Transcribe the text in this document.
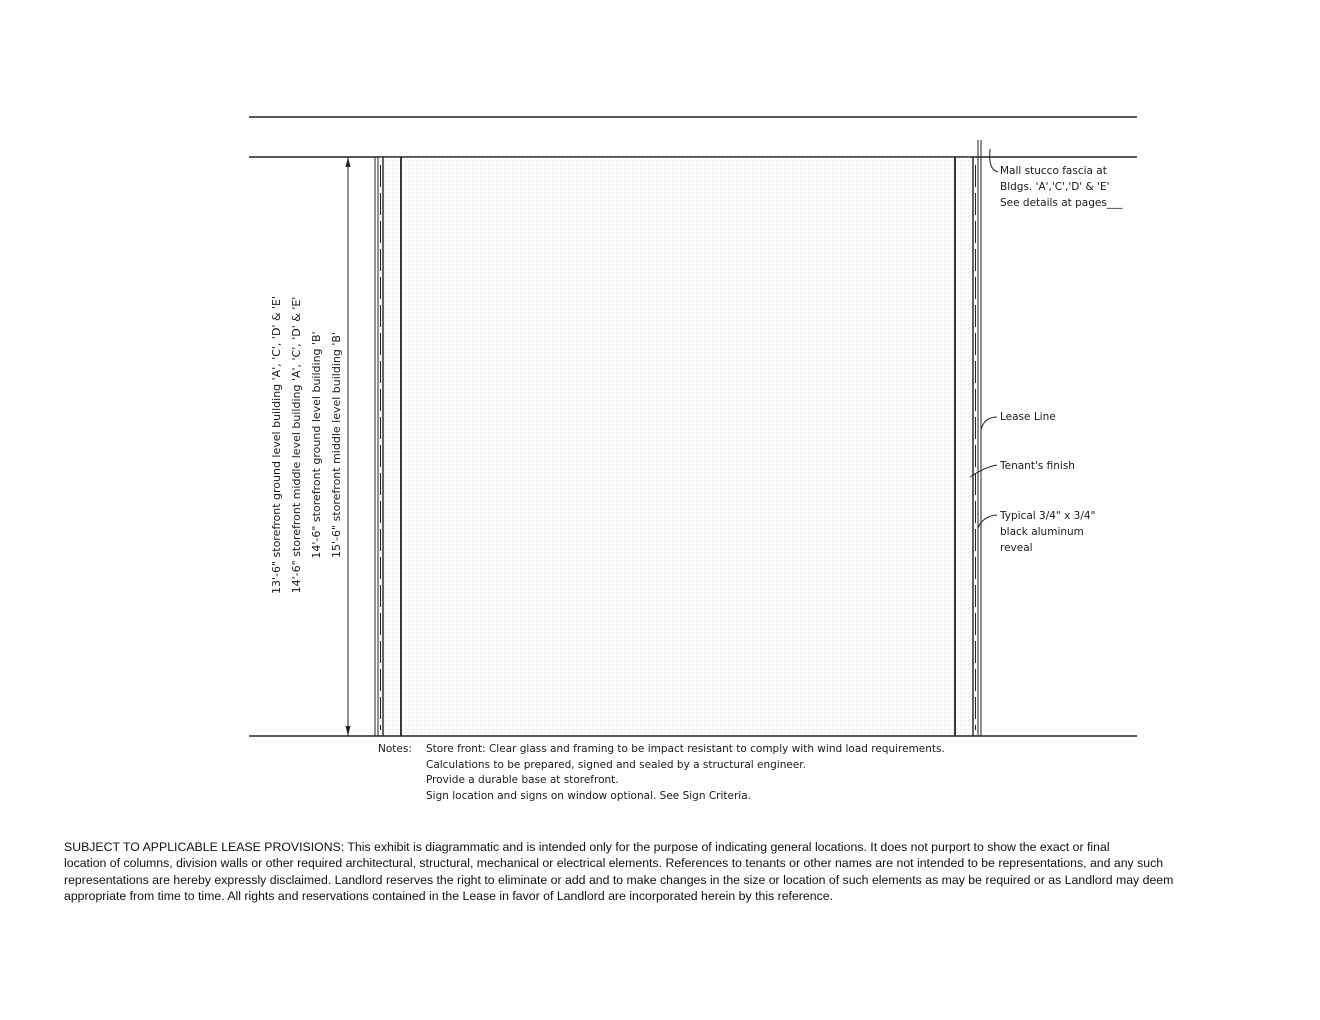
13'-6" storefront ground level building 'A', 'C', 'D' & 'E' 14'-6" storefront middle level building 'A', 'C', 'D' & 'E' 14'-6" storefront ground level building 'B' 15'-6" storefront middle level building 'B'
Mall stucco fascia at
Bldgs. 'A','C','D' & 'E'
See details at pages___
Lease Line
Tenant's finish
Typical 3/4" x 3/4"
black aluminum
reveal
Notes: Store front: Clear glass and framing to be impact resistant to comply with wind load requirements.
Calculations to be prepared, signed and sealed by a structural engineer.
Provide a durable base at storefront.
Sign location and signs on window optional. See Sign Criteria.
SUBJECT TO APPLICABLE LEASE PROVISIONS: This exhibit is diagrammatic and is intended only for the purpose of indicating general locations. It does not purport to show the exact or final
location of columns, division walls or other required architectural, structural, mechanical or electrical elements. References to tenants or other names are not intended to be representations, and any such
representations are hereby expressly disclaimed. Landlord reserves the right to eliminate or add and to make changes in the size or location of such elements as may be required or as Landlord may deem
appropriate from time to time. All rights and reservations contained in the Lease in favor of Landlord are incorporated herein by this reference.
